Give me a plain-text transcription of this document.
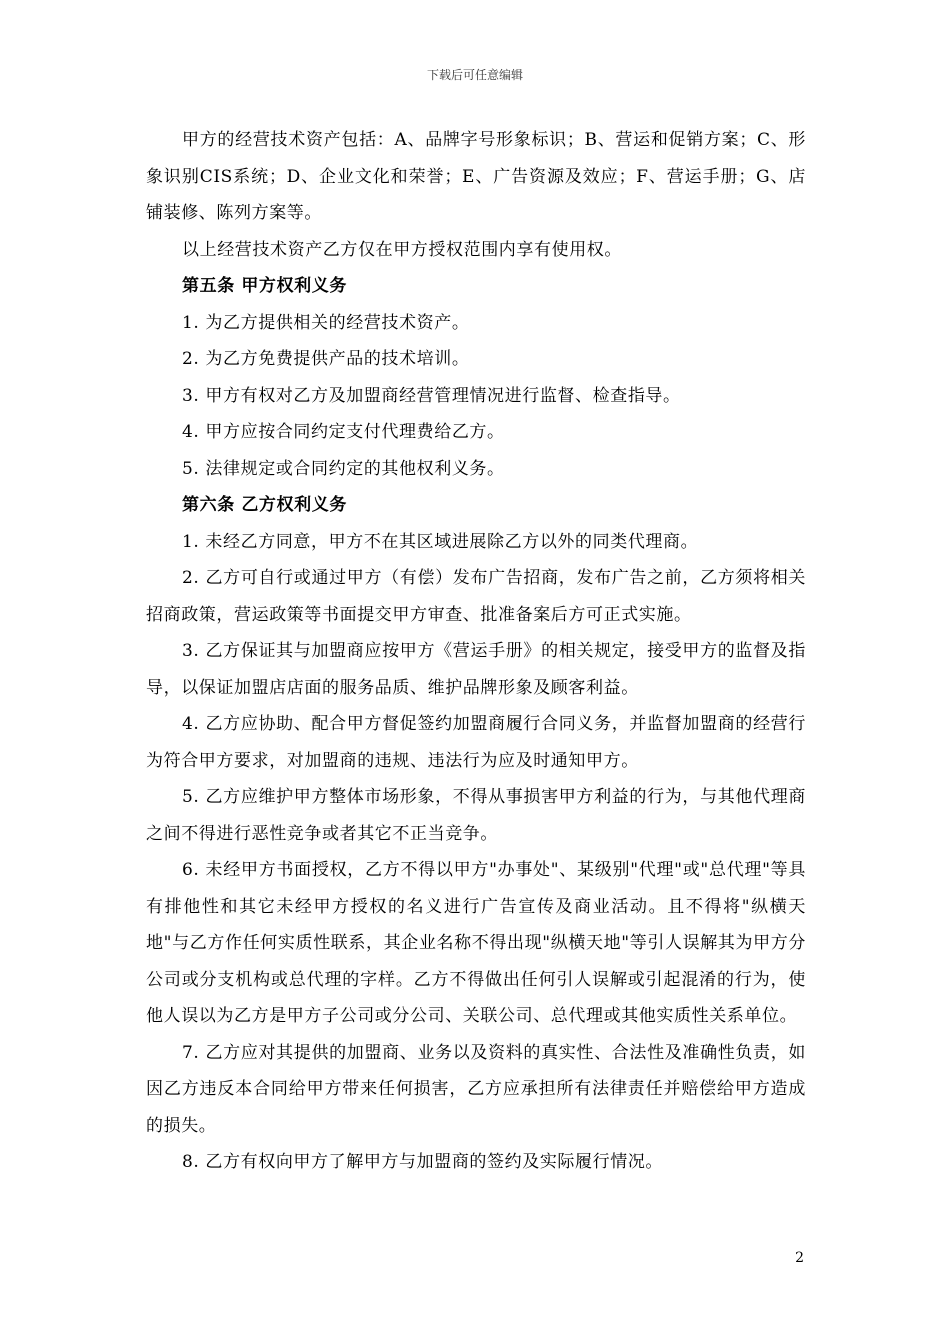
下载后可任意编辑

甲方的经营技术资产包括：A、品牌字号形象标识；B、营运和促销方案；C、形象识别CIS系统；D、企业文化和荣誉；E、广告资源及效应；F、营运手册；G、店铺装修、陈列方案等。

以上经营技术资产乙方仅在甲方授权范围内享有使用权。

第五条 甲方权利义务

1. 为乙方提供相关的经营技术资产。

2. 为乙方免费提供产品的技术培训。

3. 甲方有权对乙方及加盟商经营管理情况进行监督、检查指导。

4. 甲方应按合同约定支付代理费给乙方。

5. 法律规定或合同约定的其他权利义务。

第六条 乙方权利义务

1. 未经乙方同意，甲方不在其区域进展除乙方以外的同类代理商。

2. 乙方可自行或通过甲方（有偿）发布广告招商，发布广告之前，乙方须将相关招商政策，营运政策等书面提交甲方审查、批准备案后方可正式实施。

3. 乙方保证其与加盟商应按甲方《营运手册》的相关规定，接受甲方的监督及指导，以保证加盟店店面的服务品质、维护品牌形象及顾客利益。

4. 乙方应协助、配合甲方督促签约加盟商履行合同义务，并监督加盟商的经营行为符合甲方要求，对加盟商的违规、违法行为应及时通知甲方。

5. 乙方应维护甲方整体市场形象，不得从事损害甲方利益的行为，与其他代理商之间不得进行恶性竞争或者其它不正当竞争。

6. 未经甲方书面授权，乙方不得以甲方"办事处"、某级别"代理"或"总代理"等具有排他性和其它未经甲方授权的名义进行广告宣传及商业活动。且不得将"纵横天地"与乙方作任何实质性联系，其企业名称不得出现"纵横天地"等引人误解其为甲方分公司或分支机构或总代理的字样。乙方不得做出任何引人误解或引起混淆的行为，使他人误以为乙方是甲方子公司或分公司、关联公司、总代理或其他实质性关系单位。

7. 乙方应对其提供的加盟商、业务以及资料的真实性、合法性及准确性负责，如因乙方违反本合同给甲方带来任何损害，乙方应承担所有法律责任并赔偿给甲方造成的损失。

8. 乙方有权向甲方了解甲方与加盟商的签约及实际履行情况。

2
